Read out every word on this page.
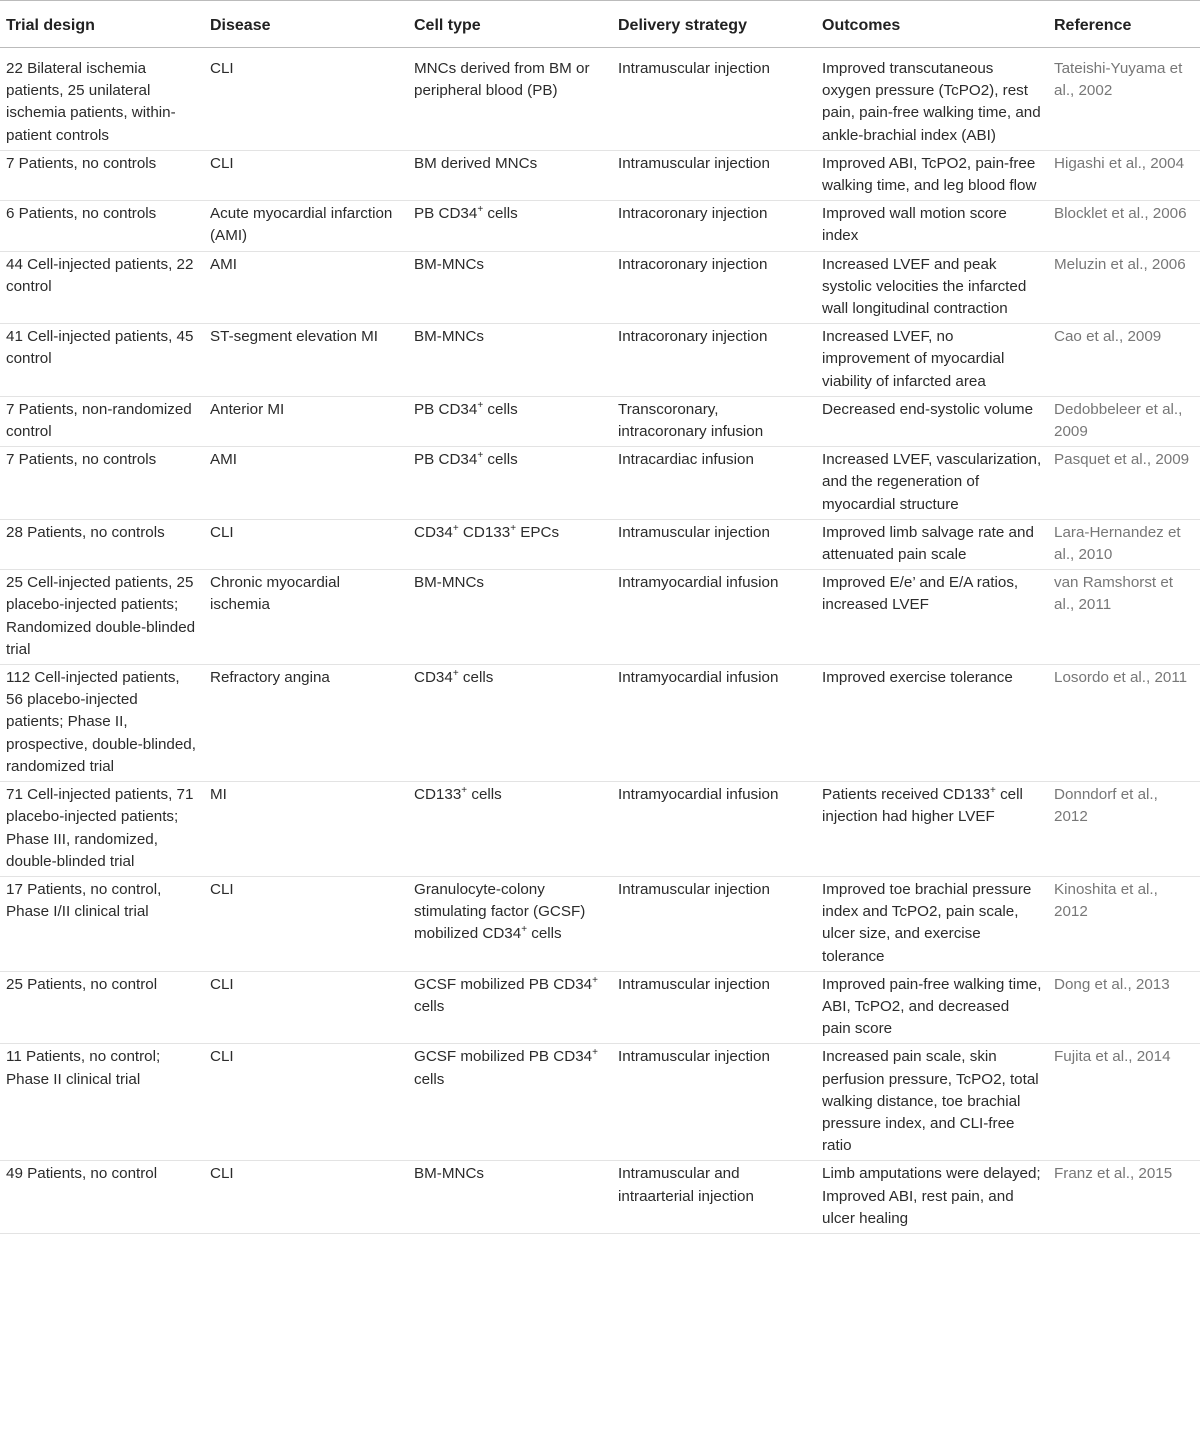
Trial design	Disease	Cell type	Delivery strategy	Outcomes	Reference
22 Bilateral ischemia patients, 25 unilateral ischemia patients, within-patient controls	CLI	MNCs derived from BM or peripheral blood (PB)	Intramuscular injection	Improved transcutaneous oxygen pressure (TcPO2), rest pain, pain-free walking time, and ankle-brachial index (ABI)	Tateishi-Yuyama et al., 2002
7 Patients, no controls	CLI	BM derived MNCs	Intramuscular injection	Improved ABI, TcPO2, pain-free walking time, and leg blood flow	Higashi et al., 2004
6 Patients, no controls	Acute myocardial infarction (AMI)	PB CD34+ cells	Intracoronary injection	Improved wall motion score index	Blocklet et al., 2006
44 Cell-injected patients, 22 control	AMI	BM-MNCs	Intracoronary injection	Increased LVEF and peak systolic velocities the infarcted wall longitudinal contraction	Meluzin et al., 2006
41 Cell-injected patients, 45 control	ST-segment elevation MI	BM-MNCs	Intracoronary injection	Increased LVEF, no improvement of myocardial viability of infarcted area	Cao et al., 2009
7 Patients, non-randomized control	Anterior MI	PB CD34+ cells	Transcoronary, intracoronary infusion	Decreased end-systolic volume	Dedobbeleer et al., 2009
7 Patients, no controls	AMI	PB CD34+ cells	Intracardiac infusion	Increased LVEF, vascularization, and the regeneration of myocardial structure	Pasquet et al., 2009
28 Patients, no controls	CLI	CD34+ CD133+ EPCs	Intramuscular injection	Improved limb salvage rate and attenuated pain scale	Lara-Hernandez et al., 2010
25 Cell-injected patients, 25 placebo-injected patients; Randomized double-blinded trial	Chronic myocardial ischemia	BM-MNCs	Intramyocardial infusion	Improved E/e’ and E/A ratios, increased LVEF	van Ramshorst et al., 2011
112 Cell-injected patients, 56 placebo-injected patients; Phase II, prospective, double-blinded, randomized trial	Refractory angina	CD34+ cells	Intramyocardial infusion	Improved exercise tolerance	Losordo et al., 2011
71 Cell-injected patients, 71 placebo-injected patients; Phase III, randomized, double-blinded trial	MI	CD133+ cells	Intramyocardial infusion	Patients received CD133+ cell injection had higher LVEF	Donndorf et al., 2012
17 Patients, no control, Phase I/II clinical trial	CLI	Granulocyte-colony stimulating factor (GCSF) mobilized CD34+ cells	Intramuscular injection	Improved toe brachial pressure index and TcPO2, pain scale, ulcer size, and exercise tolerance	Kinoshita et al., 2012
25 Patients, no control	CLI	GCSF mobilized PB CD34+ cells	Intramuscular injection	Improved pain-free walking time, ABI, TcPO2, and decreased pain score	Dong et al., 2013
11 Patients, no control; Phase II clinical trial	CLI	GCSF mobilized PB CD34+ cells	Intramuscular injection	Increased pain scale, skin perfusion pressure, TcPO2, total walking distance, toe brachial pressure index, and CLI-free ratio	Fujita et al., 2014
49 Patients, no control	CLI	BM-MNCs	Intramuscular and intraarterial injection	Limb amputations were delayed; Improved ABI, rest pain, and ulcer healing	Franz et al., 2015
